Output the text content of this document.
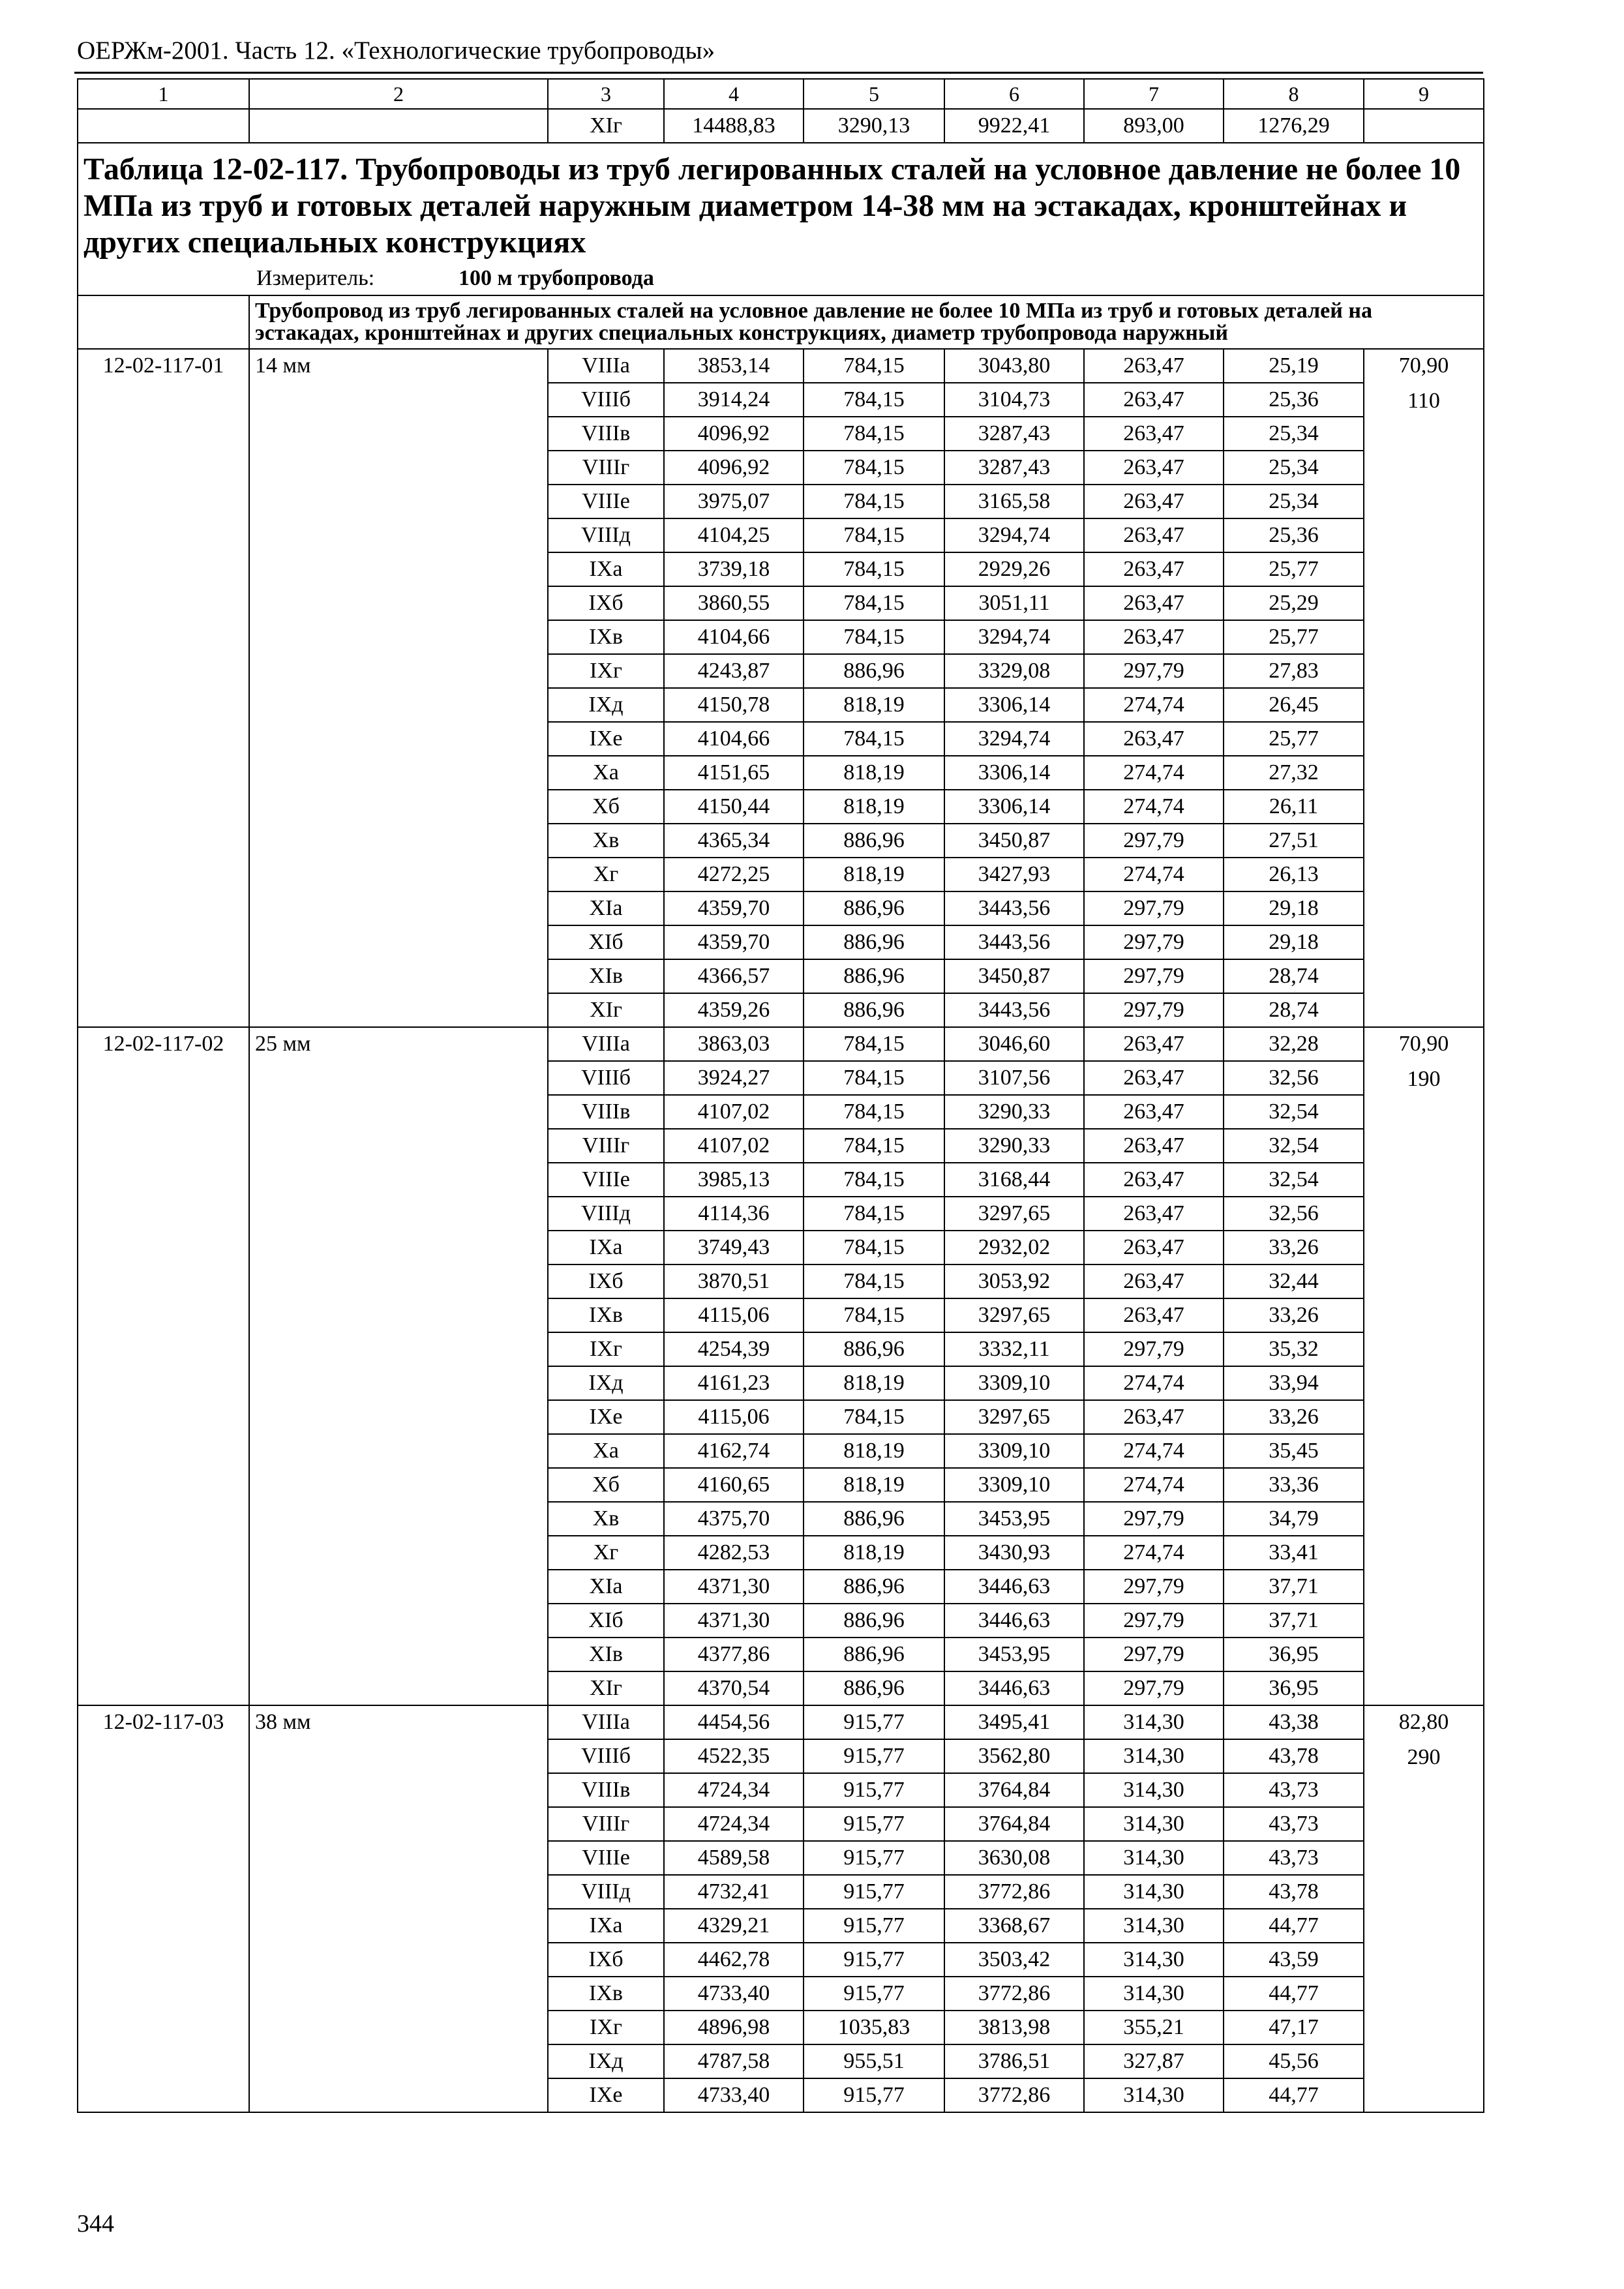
ОЕРЖм-2001. Часть 12. «Технологические трубопроводы»
1	2	3	4	5	6	7	8	9
		XIг	14488,83	3290,13	9922,41	893,00	1276,29	

Таблица 12-02-117. Трубопроводы из труб легированных сталей на условное давление не более 10 МПа из труб и готовых деталей наружным диаметром 14-38 мм на эстакадах, кронштейнах и других специальных конструкциях
Измеритель: 100 м трубопровода								

	Трубопровод из труб легированных сталей на условное давление не более 10 МПа из труб и готовых деталей на эстакадах, кронштейнах и других специальных конструкциях, диаметр трубопровода наружный							
12-02-117-01	14 мм	VIIIа	3853,14	784,15	3043,80	263,47	25,19	70,90
110

		VIIIб	3914,24	784,15	3104,73	263,47	25,36	
		VIIIв	4096,92	784,15	3287,43	263,47	25,34	
		VIIIг	4096,92	784,15	3287,43	263,47	25,34	
		VIIIе	3975,07	784,15	3165,58	263,47	25,34	
		VIIIд	4104,25	784,15	3294,74	263,47	25,36	
		IXа	3739,18	784,15	2929,26	263,47	25,77	
		IXб	3860,55	784,15	3051,11	263,47	25,29	
		IXв	4104,66	784,15	3294,74	263,47	25,77	
		IXг	4243,87	886,96	3329,08	297,79	27,83	
		IXд	4150,78	818,19	3306,14	274,74	26,45	
		IXе	4104,66	784,15	3294,74	263,47	25,77	
		Xа	4151,65	818,19	3306,14	274,74	27,32	
		Xб	4150,44	818,19	3306,14	274,74	26,11	
		Xв	4365,34	886,96	3450,87	297,79	27,51	
		Xг	4272,25	818,19	3427,93	274,74	26,13	
		XIа	4359,70	886,96	3443,56	297,79	29,18	
		XIб	4359,70	886,96	3443,56	297,79	29,18	
		XIв	4366,57	886,96	3450,87	297,79	28,74	
		XIг	4359,26	886,96	3443,56	297,79	28,74	
12-02-117-02	25 мм	VIIIа	3863,03	784,15	3046,60	263,47	32,28	70,90
190

		VIIIб	3924,27	784,15	3107,56	263,47	32,56	
		VIIIв	4107,02	784,15	3290,33	263,47	32,54	
		VIIIг	4107,02	784,15	3290,33	263,47	32,54	
		VIIIе	3985,13	784,15	3168,44	263,47	32,54	
		VIIIд	4114,36	784,15	3297,65	263,47	32,56	
		IXа	3749,43	784,15	2932,02	263,47	33,26	
		IXб	3870,51	784,15	3053,92	263,47	32,44	
		IXв	4115,06	784,15	3297,65	263,47	33,26	
		IXг	4254,39	886,96	3332,11	297,79	35,32	
		IXд	4161,23	818,19	3309,10	274,74	33,94	
		IXе	4115,06	784,15	3297,65	263,47	33,26	
		Xа	4162,74	818,19	3309,10	274,74	35,45	
		Xб	4160,65	818,19	3309,10	274,74	33,36	
		Xв	4375,70	886,96	3453,95	297,79	34,79	
		Xг	4282,53	818,19	3430,93	274,74	33,41	
		XIа	4371,30	886,96	3446,63	297,79	37,71	
		XIб	4371,30	886,96	3446,63	297,79	37,71	
		XIв	4377,86	886,96	3453,95	297,79	36,95	
		XIг	4370,54	886,96	3446,63	297,79	36,95	
12-02-117-03	38 мм	VIIIа	4454,56	915,77	3495,41	314,30	43,38	82,80
290

		VIIIб	4522,35	915,77	3562,80	314,30	43,78	
		VIIIв	4724,34	915,77	3764,84	314,30	43,73	
		VIIIг	4724,34	915,77	3764,84	314,30	43,73	
		VIIIе	4589,58	915,77	3630,08	314,30	43,73	
		VIIIд	4732,41	915,77	3772,86	314,30	43,78	
		IXа	4329,21	915,77	3368,67	314,30	44,77	
		IXб	4462,78	915,77	3503,42	314,30	43,59	
		IXв	4733,40	915,77	3772,86	314,30	44,77	
		IXг	4896,98	1035,83	3813,98	355,21	47,17	
		IXд	4787,58	955,51	3786,51	327,87	45,56	
		IXе	4733,40	915,77	3772,86	314,30	44,77	
344
